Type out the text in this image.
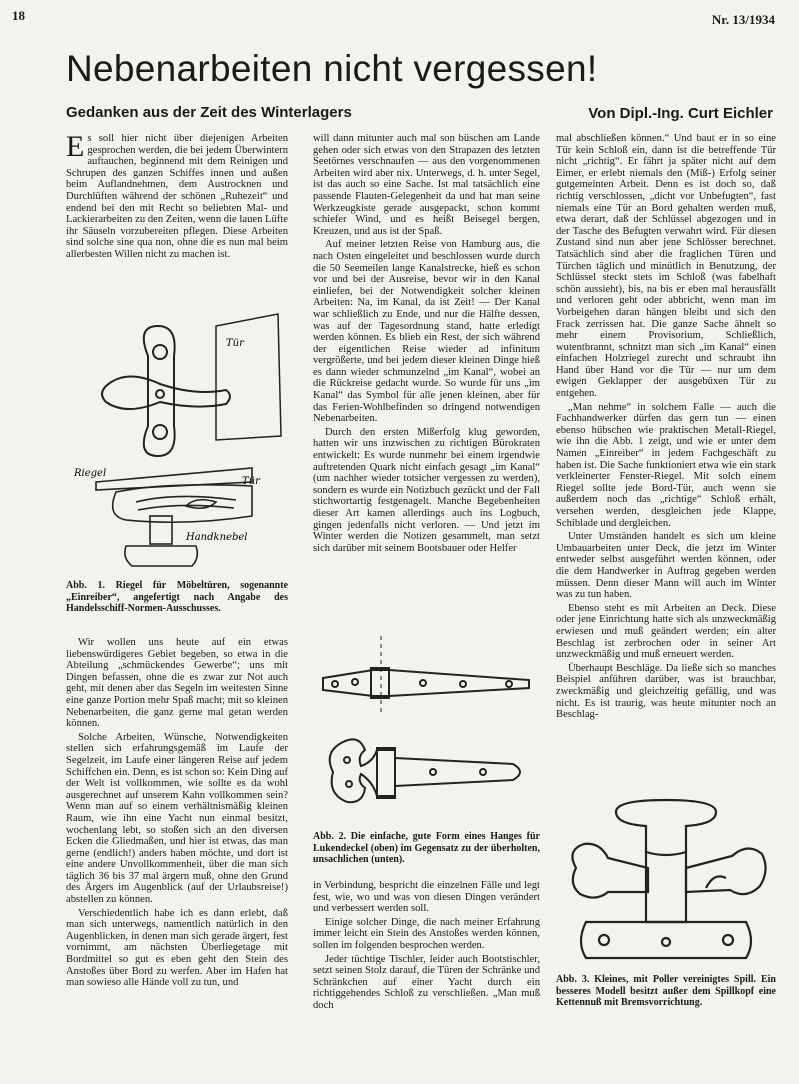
18	Nr. 13/1934
Nebenarbeiten nicht vergessen!
Gedanken aus der Zeit des Winterlagers	Von Dipl.-Ing. Curt Eichler

Es soll hier nicht über diejenigen Arbeiten gesprochen werden, die bei jedem Überwintern auftauchen, beginnend mit dem Reinigen und Schrupen des ganzen Schiffes innen und außen beim Auflandnehmen, dem Austrocknen und Durchlüften während der schönen „Ruhezeit“ und endend bei den mit Recht so beliebten Mal- und Lackierarbeiten zu den Zeiten, wenn die lauen Lüfte ihr Säuseln vorzubereiten pflegen. Diese Arbeiten sind solche sine qua non, ohne die es nun mal beim allerbesten Willen nicht zu machen ist.

Tür
Riegel
Tür
Handknebel
Abb. 1. Riegel für Möbeltüren, sogenannte „Einreiber“, angefertigt nach Angabe des Handelsschiff-Normen-Ausschusses.

Wir wollen uns heute auf ein etwas liebenswürdigeres Gebiet begeben, so etwa in die Abteilung „schmückendes Gewerbe“; uns mit Dingen befassen, ohne die es zwar zur Not auch geht, mit denen aber das Segeln im weitesten Sinne eine ganze Portion mehr Spaß macht; mit so kleinen Nebenarbeiten, die ganz gerne mal getan werden können.

Solche Arbeiten, Wünsche, Notwendigkeiten stellen sich erfahrungsgemäß im Laufe der Segelzeit, im Laufe einer längeren Reise auf jedem Schiffchen ein. Denn, es ist schon so: Kein Ding auf der Welt ist vollkommen, wie sollte es da wohl ausgerechnet auf unserem Kahn vollkommen sein? Wenn man auf so einem verhältnismäßig kleinen Raum, wie ihn eine Yacht nun einmal besitzt, wochenlang lebt, so stoßen sich an den diversen Ecken die Gliedmaßen, und hier ist etwas, das man gerne (endlich!) anders haben möchte, und dort ist eine andere Unvollkommenheit, über die man sich täglich 36 bis 37 mal ärgern muß, ohne den Grund des Ärgers im Augenblick (auf der Urlaubsreise!) abstellen zu können.

Verschiedentlich habe ich es dann erlebt, daß man sich unterwegs, namentlich natürlich in den Augenblicken, in denen man sich gerade ärgert, fest vornimmt, am nächsten Überliegetage mit Bordmittel so gut es eben geht den Stein des Anstoßes über Bord zu werfen. Aber im Hafen hat man sowieso alle Hände voll zu tun, und

will dann mitunter auch mal son büschen am Lande gehen oder sich etwas von den Strapazen des letzten Seetörnes verschnaufen — aus den vorgenommenen Arbeiten wird aber nix. Unterwegs, d. h. unter Segel, ist das auch so eine Sache. Ist mal tatsächlich eine passende Flauten-Gelegenheit da und hat man seine Werkzeugkiste gerade ausgepackt, schon kommt schiefer Wind, und es heißt Beisegel bergen, Kreuzen, und aus ist der Spaß.

Auf meiner letzten Reise von Hamburg aus, die nach Osten eingeleitet und beschlossen wurde durch die 50 Seemeilen lange Kanalstrecke, hieß es schon vor und bei der Ausreise, bevor wir in den Kanal einliefen, bei der Notwendigkeit solcher kleinen Arbeiten: Na, im Kanal, da ist Zeit! — Der Kanal war schließlich zu Ende, und nur die Hälfte dessen, was auf der Tagesordnung stand, hatte erledigt werden können. Es blieb ein Rest, der sich während der eigentlichen Reise wieder ad infinitum vergrößerte, und bei jedem dieser kleinen Dinge hieß es dann wieder schmunzelnd „im Kanal“, wobei an die Rückreise gedacht wurde. So wurde für uns „im Kanal“ das Symbol für alle jenen kleinen, aber für das Ferien-Wohlbefinden so dringend notwendigen Nebenarbeiten.

Durch den ersten Mißerfolg klug geworden, hatten wir uns inzwischen zu richtigen Bürokraten entwickelt: Es wurde nunmehr bei einem irgendwie auftretenden Quark nicht einfach gesagt „im Kanal“ (um nachher wieder totsicher vergessen zu werden), sondern es wurde ein Notizbuch gezückt und der Fall stichwortartig festgenagelt. Manche Begebenheiten dieser Art kamen allerdings auch ins Logbuch, gingen jedenfalls nicht verloren. — Und jetzt im Winter werden die Notizen gesammelt, man setzt sich darüber mit seinem Bootsbauer oder Helfer

Abb. 2. Die einfache, gute Form eines Hanges für Lukendeckel (oben) im Gegensatz zu der überholten, unsachlichen (unten).

in Verbindung, bespricht die einzelnen Fälle und legt fest, wie, wo und was von diesen Dingen verändert und verbessert werden soll.

Einige solcher Dinge, die nach meiner Erfahrung immer leicht ein Stein des Anstoßes werden können, sollen im folgenden besprochen werden.

Jeder tüchtige Tischler, leider auch Bootstischler, setzt seinen Stolz darauf, die Türen der Schränke und Schränkchen auf einer Yacht durch ein richtiggehendes Schloß zu verschließen. „Man muß doch

mal abschließen können.“ Und baut er in so eine Tür kein Schloß ein, dann ist die betreffende Tür nicht „richtig“. Er fährt ja später nicht auf dem Eimer, er erlebt niemals den (Miß-) Erfolg seiner gutgemeinten Arbeit. Denn es ist doch so, daß richtig verschlossen, „dicht vor Unbefugten“, fast niemals eine Tür an Bord gehalten werden muß, etwa derart, daß der Schlüssel abgezogen und in der Tasche des Befugten verwahrt wird. Für diesen Zustand sind nun aber jene Schlösser berechnet. Tatsächlich sind aber die fraglichen Türen und Türchen täglich und minütlich in Benutzung, der Schlüssel steckt stets im Schloß (was fabelhaft schön aussieht), bis, na bis er eben mal herausfällt und verloren geht oder abbricht, wenn man im Vorbeigehen daran hängen bleibt und sich den Frack zerrissen hat. Die ganze Sache ähnelt so mehr einem Provisorium, Schließlich, wutentbrannt, schnitzt man sich „im Kanal“ einen einfachen Holzriegel zurecht und schraubt ihn Hand über Hand vor die Tür — nur um dem ewigen Geklapper der ausgebüxen Tür zu entgehen.

„Man nehme“ in solchem Falle — auch die Fachhandwerker dürfen das gern tun — einen ebenso hübschen wie praktischen Metall-Riegel, wie ihn die Abb. 1 zeigt, und wie er unter dem Namen „Einreiber“ in jedem Fachgeschäft zu haben ist. Die Sache funktioniert etwa wie ein stark verkleinerter Fenster-Riegel. Mit solch einem Riegel sollte jede Bord-Tür, auch wenn sie außerdem noch das „richtige“ Schloß erhält, versehen werden, desgleichen jede Klappe, Schiblade und dergleichen.

Unter Umständen handelt es sich um kleine Umbauarbeiten unter Deck, die jetzt im Winter entweder selbst ausgeführt werden können, oder die dem Handwerker in Auftrag gegeben werden müssen. Denn dieser Mann will auch im Winter was zu tun haben.

Ebenso steht es mit Arbeiten an Deck. Diese oder jene Einrichtung hatte sich als unzweckmäßig erwiesen und muß geändert werden; ein alter Beschlag ist zerbrochen oder in seiner Art unzweckmäßig und muß erneuert werden.

Überhaupt Beschläge. Da ließe sich so manches Beispiel anführen darüber, was ist brauchbar, zweckmäßig und gleichzeitig gefällig, und was nicht. Es ist traurig, was heute mitunter noch an Beschlag-

Abb. 3. Kleines, mit Poller vereinigtes Spill. Ein besseres Modell besitzt außer dem Spillkopf eine Kettennuß mit Bremsvorrichtung.
